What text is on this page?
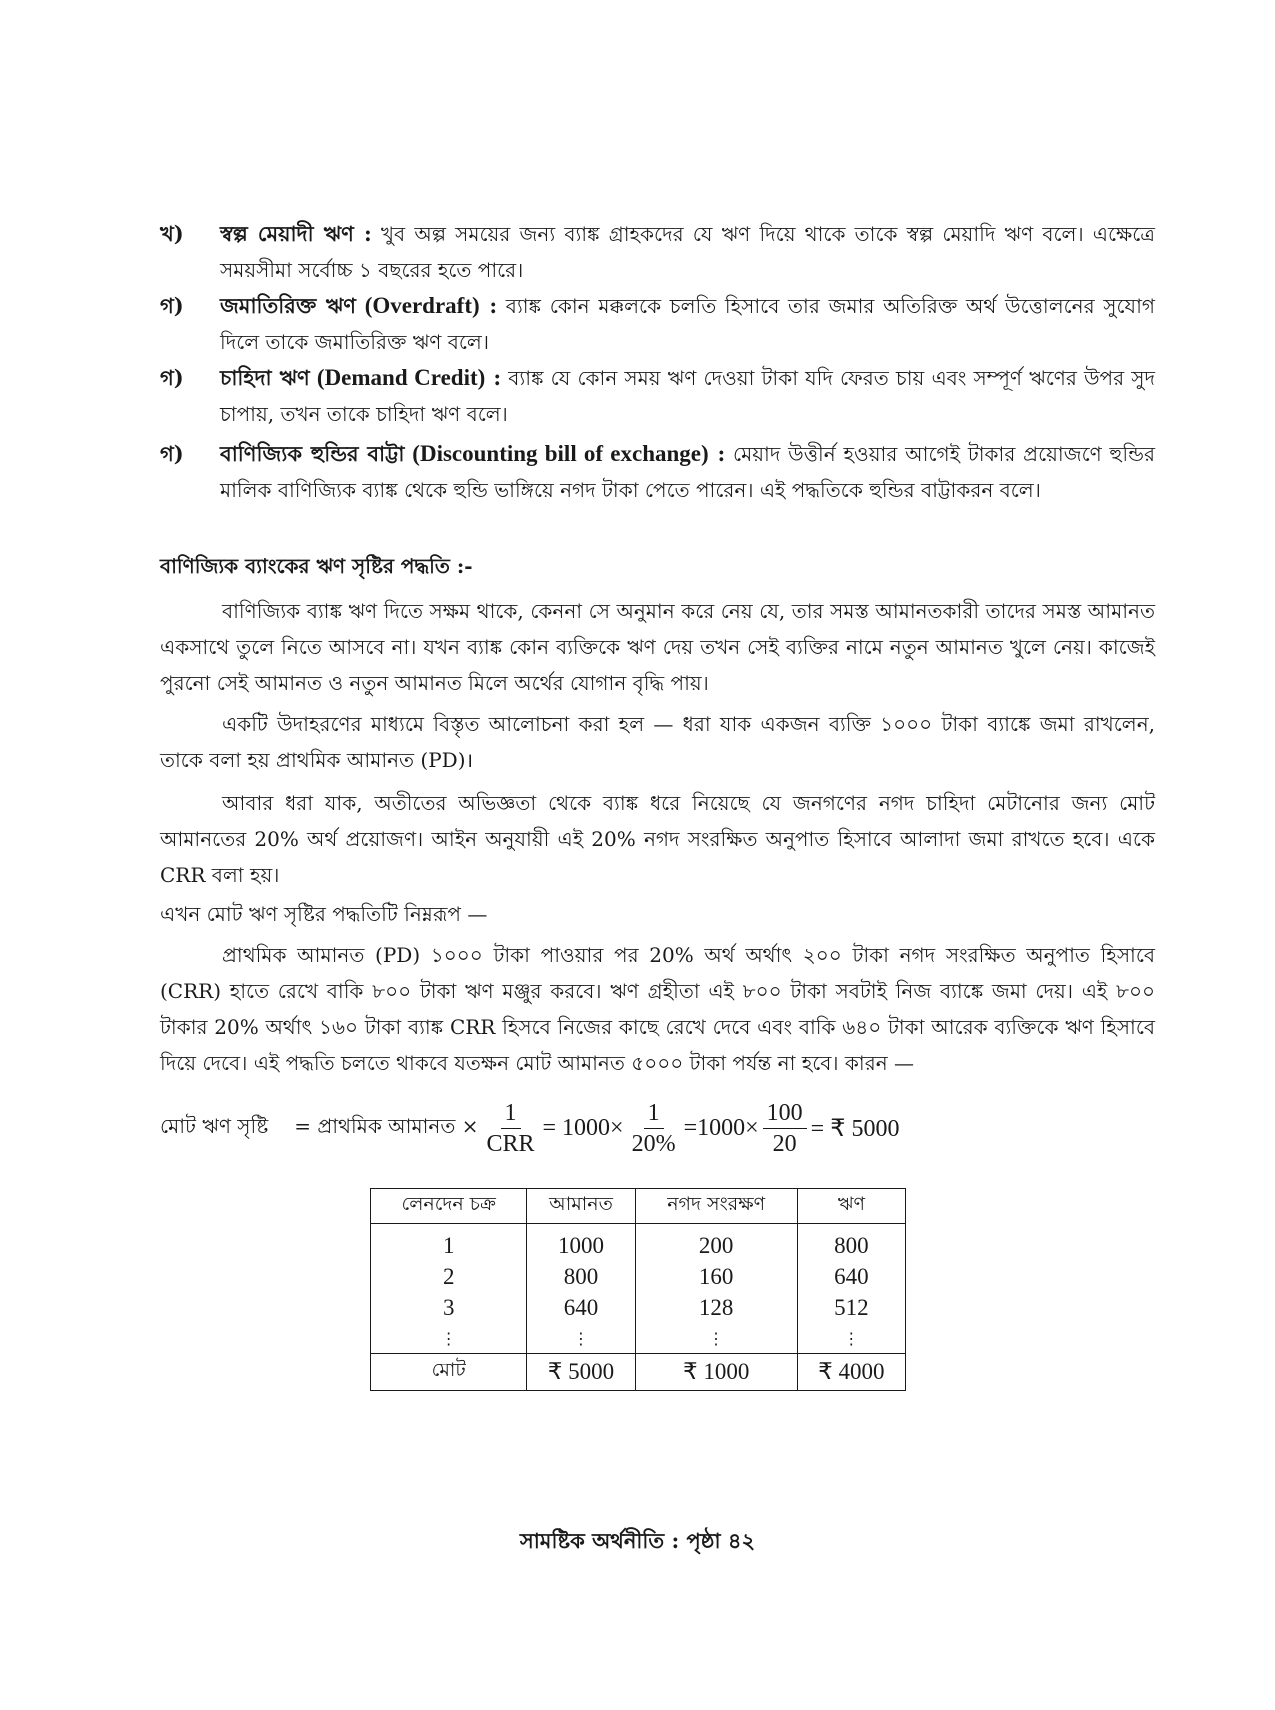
খ) স্বল্প মেয়াদী ঋণ : খুব অল্প সময়ের জন্য ব্যাঙ্ক গ্রাহকদের যে ঋণ দিয়ে থাকে তাকে স্বল্প মেয়াদি ঋণ বলে। এক্ষেত্রে সময়সীমা সর্বোচ্চ ১ বছরের হতে পারে।
গ) জমাতিরিক্ত ঋণ (Overdraft) : ব্যাঙ্ক কোন মক্কলকে চলতি হিসাবে তার জমার অতিরিক্ত অর্থ উত্তোলনের সুযোগ দিলে তাকে জমাতিরিক্ত ঋণ বলে।
গ) চাহিদা ঋণ (Demand Credit) : ব্যাঙ্ক যে কোন সময় ঋণ দেওয়া টাকা যদি ফেরত চায় এবং সম্পূর্ণ ঋণের উপর সুদ চাপায়, তখন তাকে চাহিদা ঋণ বলে।
গ) বাণিজ্যিক হুন্ডির বাট্টা (Discounting bill of exchange) : মেয়াদ উত্তীর্ন হওয়ার আগেই টাকার প্রয়োজণে হুন্ডির মালিক বাণিজ্যিক ব্যাঙ্ক থেকে হুন্ডি ভাঙ্গিয়ে নগদ টাকা পেতে পারেন। এই পদ্ধতিকে হুন্ডির বাট্টাকরন বলে।
বাণিজ্যিক ব্যাংকের ঋণ সৃষ্টির পদ্ধতি :-

বাণিজ্যিক ব্যাঙ্ক ঋণ দিতে সক্ষম থাকে, কেননা সে অনুমান করে নেয় যে, তার সমস্ত আমানতকারী তাদের সমস্ত আমানত একসাথে তুলে নিতে আসবে না। যখন ব্যাঙ্ক কোন ব্যক্তিকে ঋণ দেয় তখন সেই ব্যক্তির নামে নতুন আমানত খুলে নেয়। কাজেই পুরনো সেই আমানত ও নতুন আমানত মিলে অর্থের যোগান বৃদ্ধি পায়।

একটি উদাহরণের মাধ্যমে বিস্তৃত আলোচনা করা হল — ধরা যাক একজন ব্যক্তি ১০০০ টাকা ব্যাঙ্কে জমা রাখলেন, তাকে বলা হয় প্রাথমিক আমানত (PD)।

আবার ধরা যাক, অতীতের অভিজ্ঞতা থেকে ব্যাঙ্ক ধরে নিয়েছে যে জনগণের নগদ চাহিদা মেটানোর জন্য মোট আমানতের 20% অর্থ প্রয়োজণ। আইন অনুযায়ী এই 20% নগদ সংরক্ষিত অনুপাত হিসাবে আলাদা জমা রাখতে হবে। একে CRR বলা হয়।

এখন মোট ঋণ সৃষ্টির পদ্ধতিটি নিম্নরূপ —

প্রাথমিক আমানত (PD) ১০০০ টাকা পাওয়ার পর 20% অর্থ অর্থাৎ ২০০ টাকা নগদ সংরক্ষিত অনুপাত হিসাবে (CRR) হাতে রেখে বাকি ৮০০ টাকা ঋণ মঞ্জুর করবে। ঋণ গ্রহীতা এই ৮০০ টাকা সবটাই নিজ ব্যাঙ্কে জমা দেয়। এই ৮০০ টাকার 20% অর্থাৎ ১৬০ টাকা ব্যাঙ্ক CRR হিসবে নিজের কাছে রেখে দেবে এবং বাকি ৬৪০ টাকা আরেক ব্যক্তিকে ঋণ হিসাবে দিয়ে দেবে। এই পদ্ধতি চলতে থাকবে যতক্ষন মোট আমানত ৫০০০ টাকা পর্যন্ত না হবে। কারন —

মোট ঋণ সৃষ্টি = প্রাথমিক আমানত × $\frac{1}{\text{CRR}} = 1000\times \frac{1}{20\%} =1000\times \frac{100}{20}$ = ₹ 5000
লেনদেন চক্র	আমানত	নগদ সংরক্ষণ	ঋণ
1	1000	200	800
2	800	160	640
3	640	128	512
⋮	⋮	⋮	⋮
মোট	₹ 5000	₹ 1000	₹ 4000
সামষ্টিক অর্থনীতি : পৃষ্ঠা ৪২
